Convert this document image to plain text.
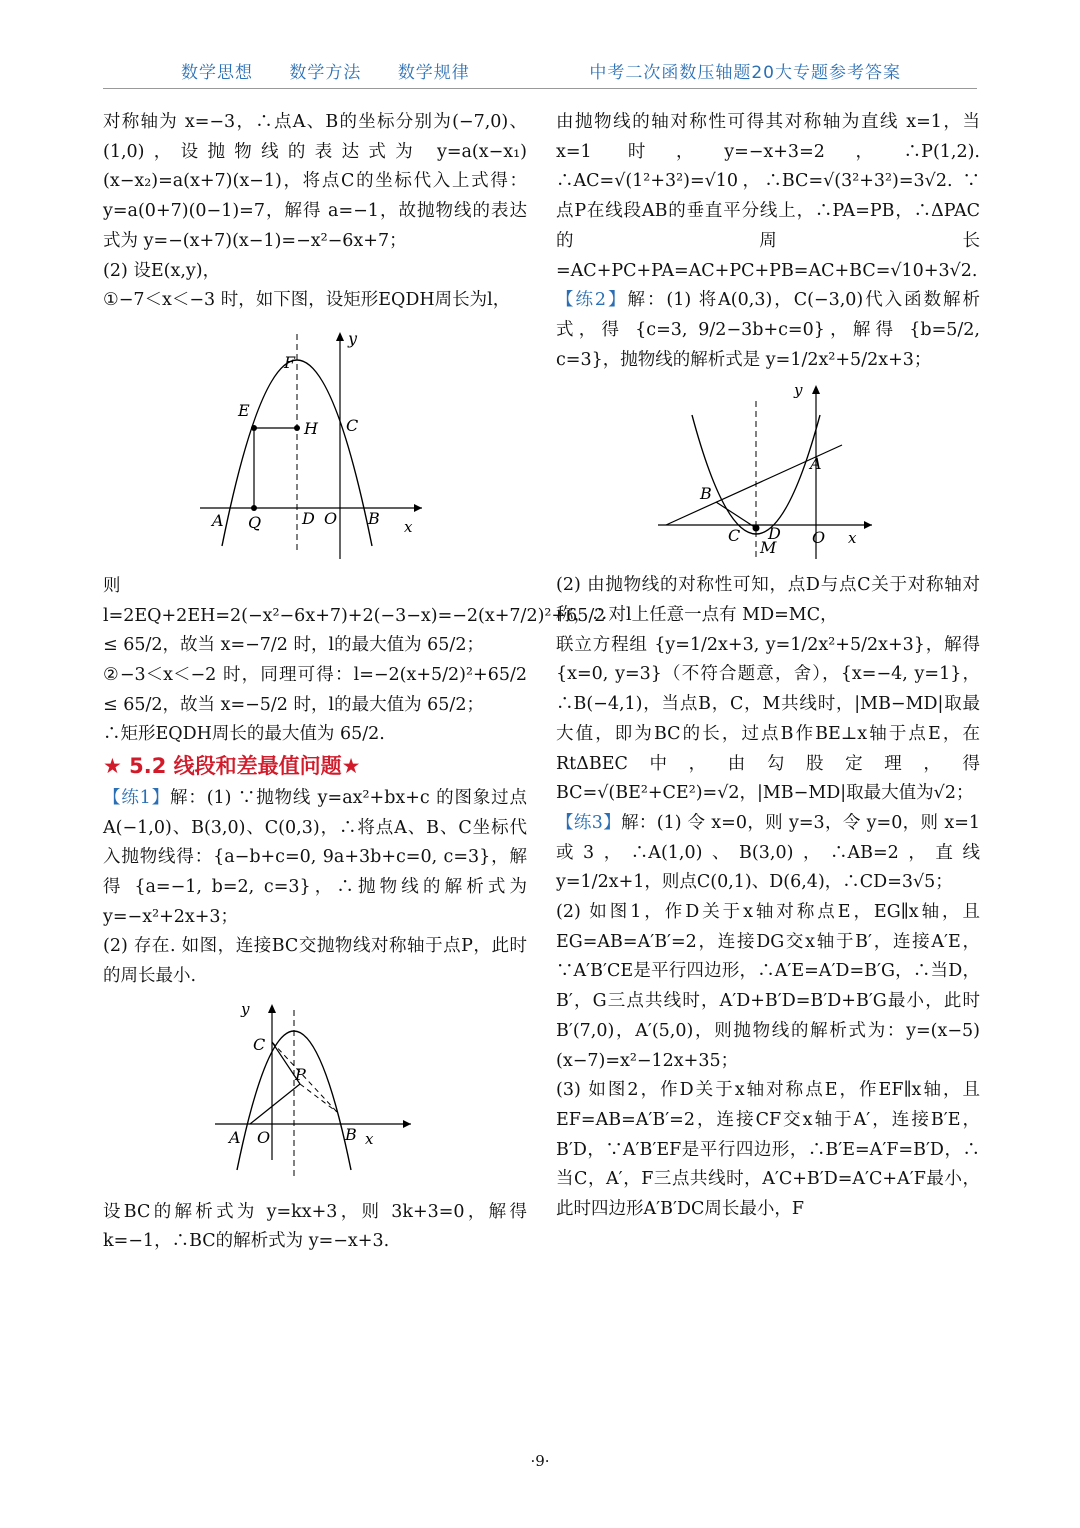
数学思想 数学方法 数学规律	中考二次函数压轴题20大专题参考答案

对称轴为 x=−3，∴点A、B的坐标分别为(−7,0)、(1,0)，设抛物线的表达式为 y=a(x−x₁)(x−x₂)=a(x+7)(x−1)，将点C的坐标代入上式得：y=a(0+7)(0−1)=7，解得 a=−1，故抛物线的表达式为 y=−(x+7)(x−1)=−x²−6x+7；

(2) 设E(x,y)，

①−7＜x＜−3 时，如下图，设矩形EQDH周长为l，

F
y
E
H C
A Q	D O B x

则 l=2EQ+2EH=2(−x²−6x+7)+2(−3−x)=−2(x+7/2)²+65/2 ≤ 65/2，故当 x=−7/2 时，l的最大值为 65/2；

②−3＜x＜−2 时，同理可得：l=−2(x+5/2)²+65/2 ≤ 65/2，故当 x=−5/2 时，l的最大值为 65/2；

∴矩形EQDH周长的最大值为 65/2.

★ 5.2 线段和差最值问题★

【练1】解：(1) ∵抛物线 y=ax²+bx+c 的图象过点A(−1,0)、B(3,0)、C(0,3)，∴将点A、B、C坐标代入抛物线得：{a−b+c=0, 9a+3b+c=0, c=3}，解得 {a=−1, b=2, c=3}，∴抛物线的解析式为 y=−x²+2x+3；

(2) 存在. 如图，连接BC交抛物线对称轴于点P，此时的周长最小.

y
C
P
A O	B x

设BC的解析式为 y=kx+3，则 3k+3=0，解得 k=−1，∴BC的解析式为 y=−x+3.

由抛物线的轴对称性可得其对称轴为直线 x=1，当 x=1 时，y=−x+3=2，∴P(1,2). ∴AC=√(1²+3²)=√10，∴BC=√(3²+3²)=3√2. ∵点P在线段AB的垂直平分线上，∴PA=PB，∴ΔPAC的周长=AC+PC+PA=AC+PC+PB=AC+BC=√10+3√2.

【练2】解：(1) 将A(0,3)，C(−3,0)代入函数解析式，得 {c=3, 9/2−3b+c=0}，解得 {b=5/2, c=3}，抛物线的解析式是 y=1/2x²+5/2x+3；

y
A
B
C D O x
M

(2) 由抛物线的对称性可知，点D与点C关于对称轴对称，∴对l上任意一点有 MD=MC，

联立方程组 {y=1/2x+3, y=1/2x²+5/2x+3}，解得 {x=0, y=3}（不符合题意，舍），{x=−4, y=1}，∴B(−4,1)，当点B，C，M共线时，|MB−MD|取最大值，即为BC的长，过点B作BE⊥x轴于点E，在RtΔBEC中，由勾股定理，得 BC=√(BE²+CE²)=√2，|MB−MD|取最大值为√2；

【练3】解：(1) 令 x=0，则 y=3，令 y=0，则 x=1或3，∴A(1,0)、B(3,0)，∴AB=2，直线 y=1/2x+1，则点C(0,1)、D(6,4)，∴CD=3√5；

(2) 如图1，作D关于x轴对称点E，EG∥x轴，且EG=AB=A′B′=2，连接DG交x轴于B′，连接A′E，∵A′B′CE是平行四边形，∴A′E=A′D=B′G，∴当D，B′，G三点共线时，A′D+B′D=B′D+B′G最小，此时B′(7,0)，A′(5,0)，则抛物线的解析式为：y=(x−5)(x−7)=x²−12x+35；

(3) 如图2，作D关于x轴对称点E，作EF∥x轴，且EF=AB=A′B′=2，连接CF交x轴于A′，连接B′E，B′D，∵A′B′EF是平行四边形，∴B′E=A′F=B′D，∴当C，A′，F三点共线时，A′C+B′D=A′C+A′F最小，此时四边形A′B′DC周长最小，F

·9·
